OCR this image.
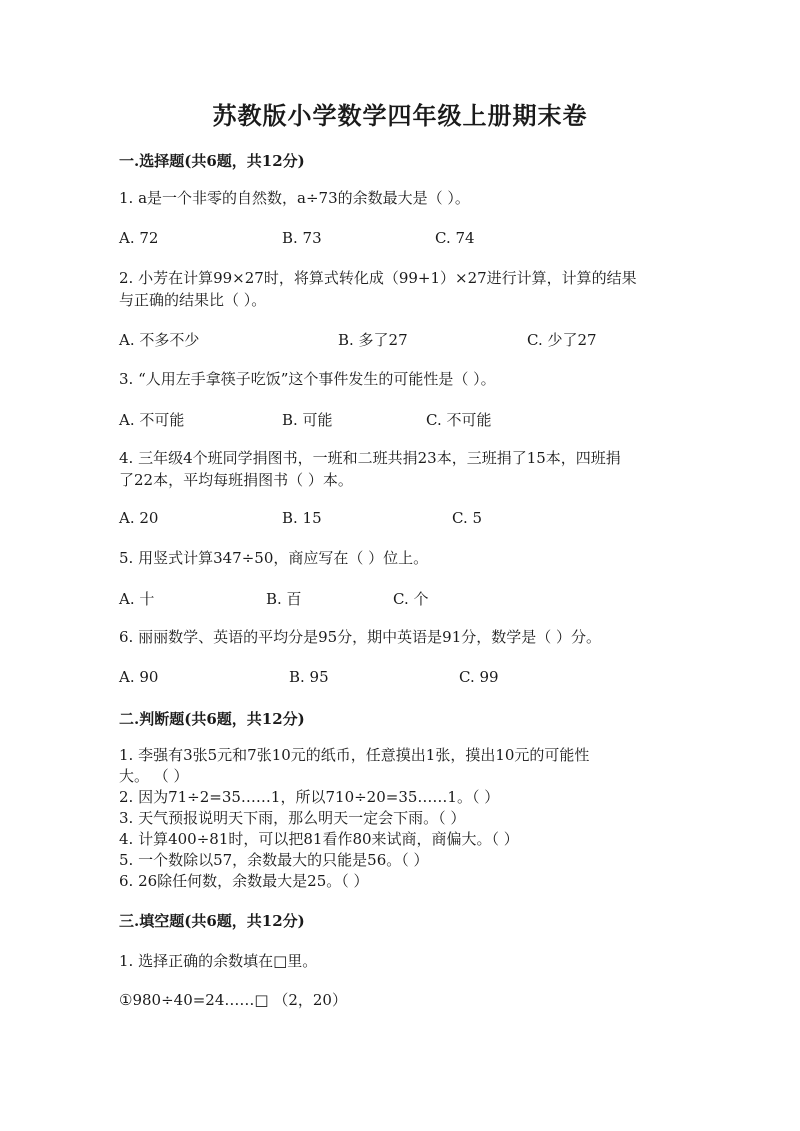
苏教版小学数学四年级上册期末卷
一.选择题(共6题，共12分)
1. a是一个非零的自然数，a÷73的余数最大是（ ）。
A. 72	B. 73	C. 74
2. 小芳在计算99×27时，将算式转化成（99+1）×27进行计算，计算的结果
与正确的结果比（ ）。
A. 不多不少	B. 多了27	C. 少了27
3. “人用左手拿筷子吃饭”这个事件发生的可能性是（ ）。
A. 不可能	B. 可能	C. 不可能
4. 三年级4个班同学捐图书，一班和二班共捐23本，三班捐了15本，四班捐
了22本，平均每班捐图书（ ）本。
A. 20	B. 15	C. 5
5. 用竖式计算347÷50，商应写在（ ）位上。
A. 十	B. 百	C. 个
6. 丽丽数学、英语的平均分是95分，期中英语是91分，数学是（ ）分。
A. 90	B. 95	C. 99
二.判断题(共6题，共12分)
1. 李强有3张5元和7张10元的纸币，任意摸出1张，摸出10元的可能性
大。 （ ）
2. 因为71÷2=35……1，所以710÷20=35……1。（ ）
3. 天气预报说明天下雨，那么明天一定会下雨。（ ）
4. 计算400÷81时，可以把81看作80来试商，商偏大。（ ）
5. 一个数除以57，余数最大的只能是56。（ ）
6. 26除任何数，余数最大是25。（ ）
三.填空题(共6题，共12分)
1. 选择正确的余数填在□里。
①980÷40=24……□ （2，20）
